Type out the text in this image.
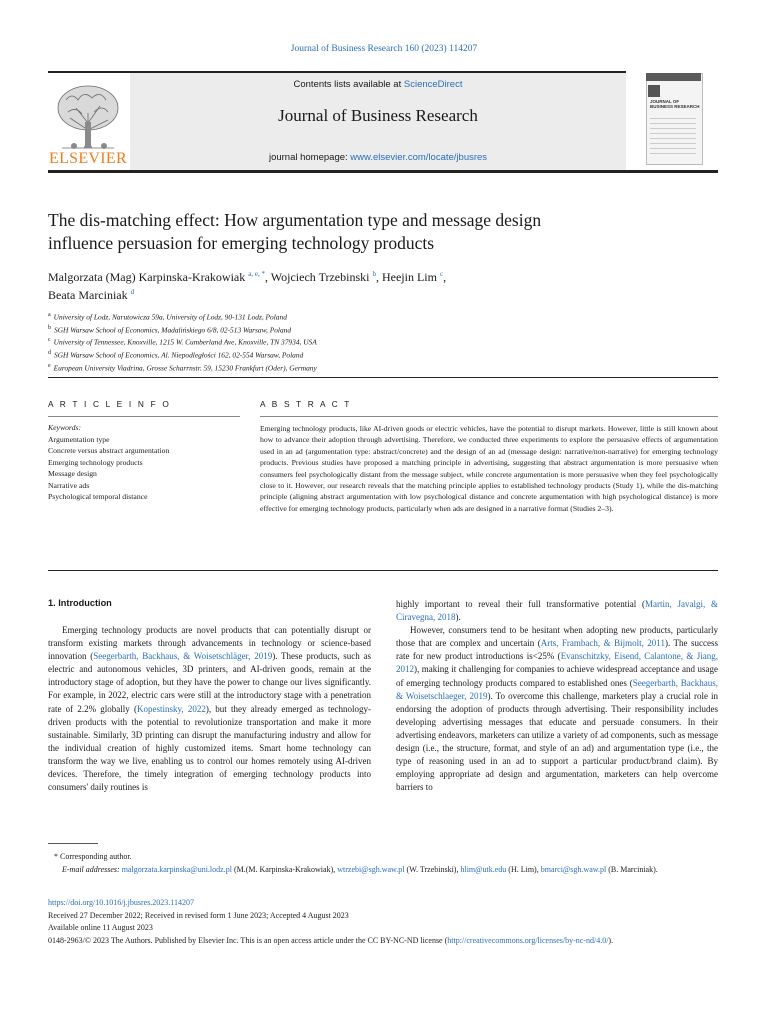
Journal of Business Research 160 (2023) 114207
ELSEVIER
Contents lists available at ScienceDirect
Journal of Business Research
journal homepage: www.elsevier.com/locate/jbusres
JOURNAL OF BUSINESS RESEARCH
The dis-matching effect: How argumentation type and message design
influence persuasion for emerging technology products
Malgorzata (Mag) Karpinska-Krakowiak $^{a, e, *}$, Wojciech Trzebinski $^b$, Heejin Lim $^c$,
Beata Marciniak $^d$
$^a$ University of Lodz, Narutowicza 59a, University of Lodz, 90-131 Lodz, Poland
$^b$ SGH Warsaw School of Economics, Madalińskiego 6/8, 02-513 Warsaw, Poland
$^c$ University of Tennessee, Knoxville, 1215 W. Cumberland Ave, Knoxville, TN 37934, USA
$^d$ SGH Warsaw School of Economics, Al. Niepodległości 162, 02-554 Warsaw, Poland
$^e$ European University Viadrina, Grosse Scharrnstr. 59, 15230 Frankfurt (Oder), Germany
A R T I C L E I N F O	A B S T R A C T
Keywords:
Argumentation type
Concrete versus abstract argumentation
Emerging technology products
Message design
Narrative ads
Psychological temporal distance
Emerging technology products, like AI-driven goods or electric vehicles, have the potential to disrupt markets. However, little is still known about how to advance their adoption through advertising. Therefore, we conducted three experiments to explore the persuasive effects of argumentation used in an ad (argumentation type: abstract/concrete) and the design of an ad (message design: narrative/non-narrative) for emerging technology products. Previous studies have proposed a matching principle in advertising, suggesting that abstract argumentation is more persuasive when consumers feel psychologically distant from the message subject, while concrete argumentation is more persuasive when they feel psychologically close to it. However, our research reveals that the matching principle applies to established technology products (Study 1), while the dis-matching principle (aligning abstract argumentation with low psychological distance and concrete argumentation with high psychological distance) is more effective for emerging technology products, particularly when ads are designed in a narrative format (Studies 2–3).
1. Introduction
Emerging technology products are novel products that can potentially disrupt or transform existing markets through advancements in technology or science-based innovation (Seegerbarth, Backhaus, & Woisetschläger, 2019). These products, such as electric and autonomous vehicles, 3D printers, and AI-driven goods, remain at the introductory stage of adoption, but they have the power to change our lives significantly. For example, in 2022, electric cars were still at the introductory stage with a penetration rate of 2.2% globally (Kopestinsky, 2022), but they already emerged as technology-driven products with the potential to revolutionize transportation and make it more sustainable. Similarly, 3D printing can disrupt the manufacturing industry and allow for the individual creation of highly customized items. Smart home technology can transform the way we live, enabling us to control our homes remotely using AI-driven devices. Therefore, the timely integration of emerging technology products into consumers' daily routines is

highly important to reveal their full transformative potential (Martin, Javalgi, & Ciravegna, 2018).

However, consumers tend to be hesitant when adopting new products, particularly those that are complex and uncertain (Arts, Frambach, & Bijmolt, 2011). The success rate for new product introductions is<25% (Evanschitzky, Eisend, Calantone, & Jiang, 2012), making it challenging for companies to achieve widespread acceptance and usage of emerging technology products compared to established ones (Seegerbarth, Backhaus, & Woisetschlaeger, 2019). To overcome this challenge, marketers play a crucial role in endorsing the adoption of products through advertising. Their responsibility includes developing advertising messages that educate and persuade consumers. In their advertising endeavors, marketers can utilize a variety of ad components, such as message design (i.e., the structure, format, and style of an ad) and argumentation type (i.e., the type of reasoning used in an ad to support a particular product/brand claim). By employing appropriate ad design and argumentation, marketers can help overcome barriers to

* Corresponding author.
E-mail addresses: malgorzata.karpinska@uni.lodz.pl (M.(M. Karpinska-Krakowiak), wtrzebi@sgh.waw.pl (W. Trzebinski), hlim@utk.edu (H. Lim), bmarci@sgh.waw.pl (B. Marciniak).
https://doi.org/10.1016/j.jbusres.2023.114207
Received 27 December 2022; Received in revised form 1 June 2023; Accepted 4 August 2023
Available online 11 August 2023
0148-2963/© 2023 The Authors. Published by Elsevier Inc. This is an open access article under the CC BY-NC-ND license (http://creativecommons.org/licenses/by-nc-nd/4.0/).
